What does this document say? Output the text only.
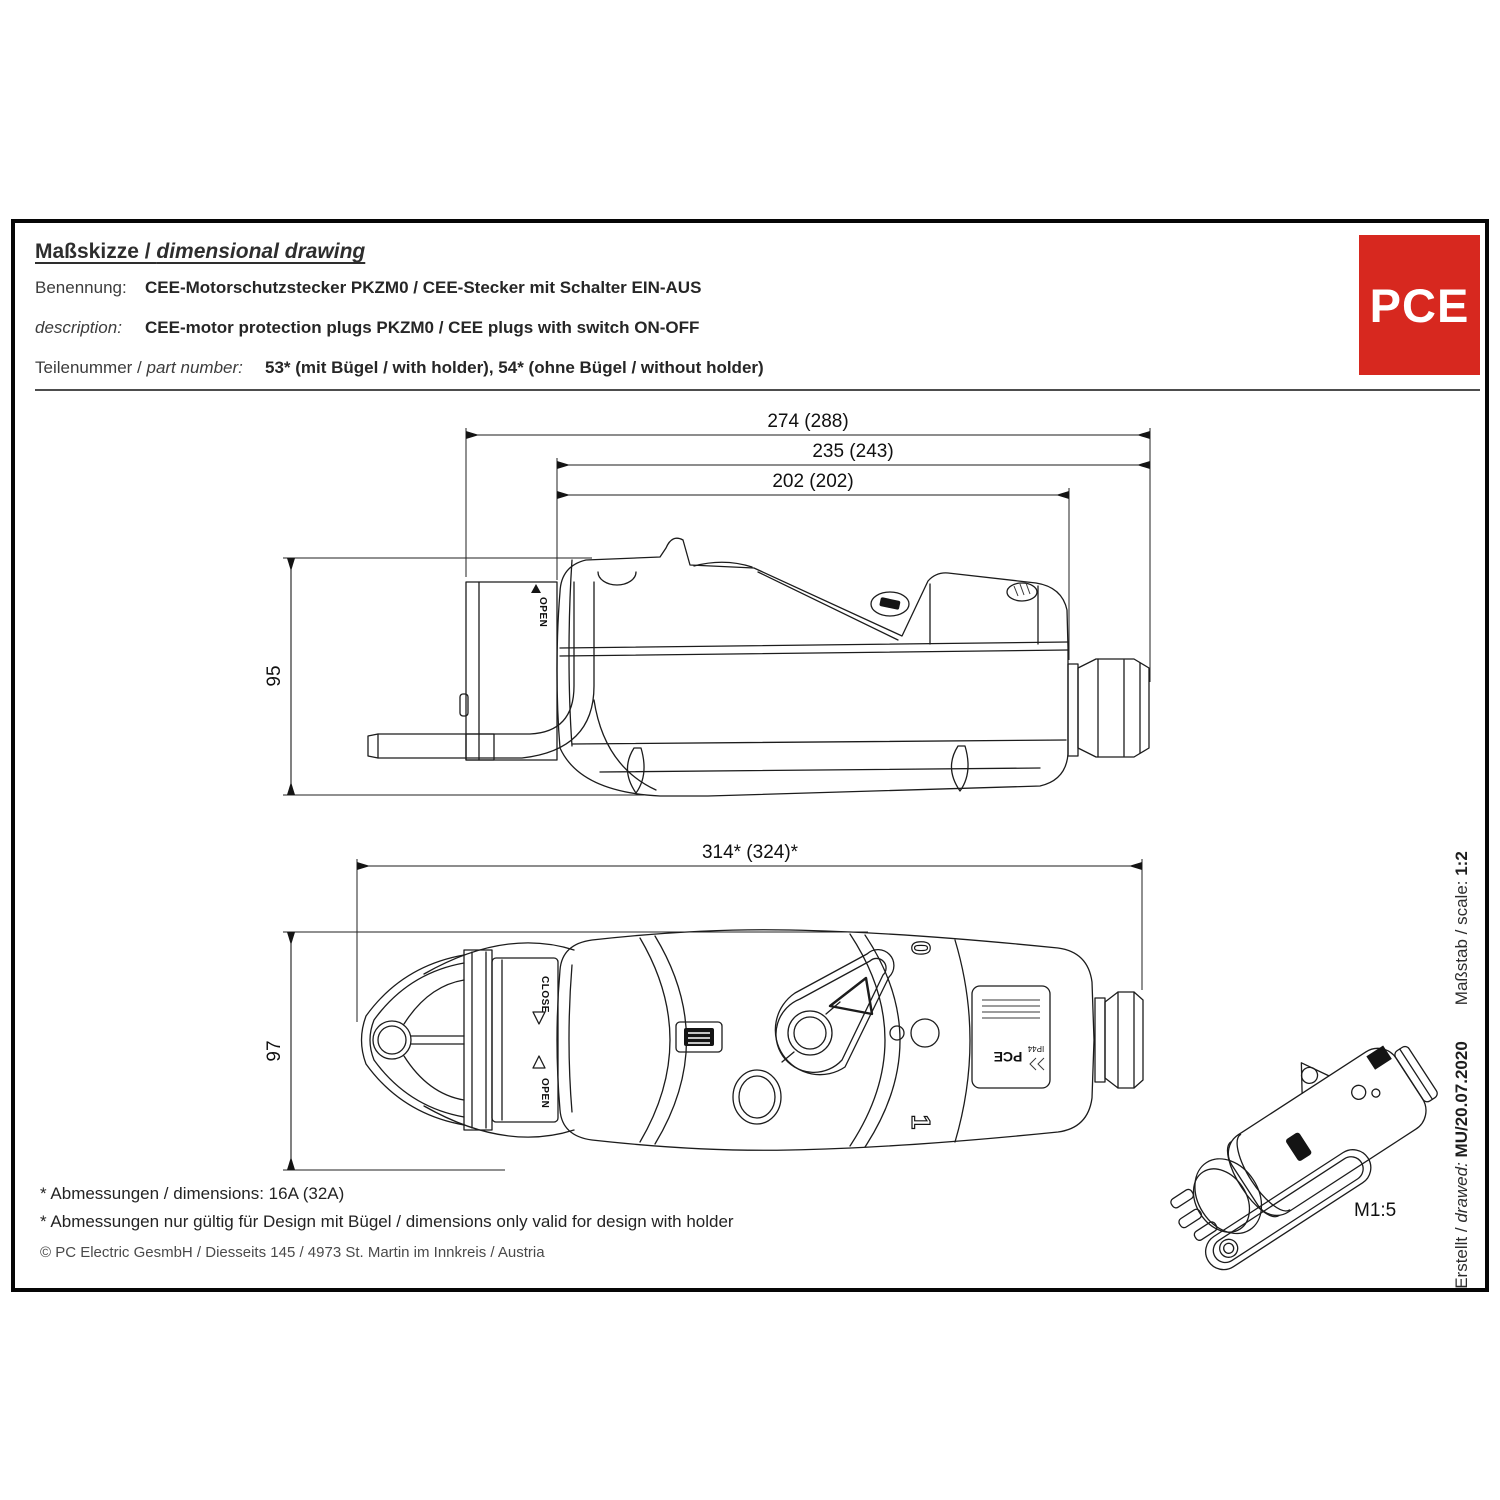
Maßskizze / dimensional drawing
Benennung: CEE-Motorschutzstecker PKZM0 / CEE-Stecker mit Schalter EIN-AUS
description: CEE-motor protection plugs PKZM0 / CEE plugs with switch ON-OFF
Teilenummer / part number: 53* (mit Bügel / with holder), 54* (ohne Bügel / without holder)
PCE
274 (288)
235 (243)
202 (202)
95
OPEN
314* (324)*
97
CLOSE
OPEN
0
1
PCE
IP44
M1:5
* Abmessungen / dimensions: 16A (32A)
* Abmessungen nur gültig für Design mit Bügel / dimensions only valid for design with holder
© PC Electric GesmbH / Diesseits 145 / 4973 St. Martin im Innkreis / Austria	Erstellt / drawed: MU/20.07.2020Maßstab / scale: 1:2
